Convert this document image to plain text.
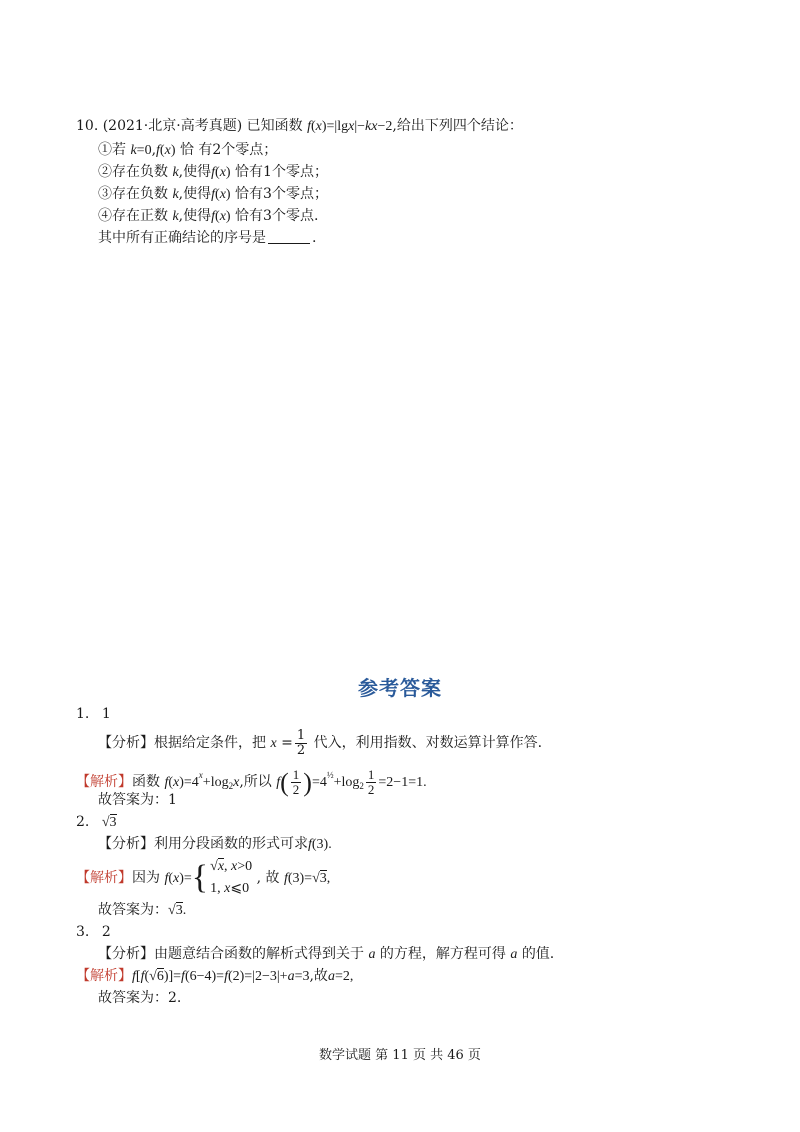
10. (2021·北京·高考真题) 已知函数 f(x)=|lgx|−kx−2,给出下列四个结论：
①若 k=0,f(x) 恰 有2个零点；
②存在负数 k,使得f(x) 恰有1个零点；
③存在负数 k,使得f(x) 恰有3个零点；
④存在正数 k,使得f(x) 恰有3个零点.
其中所有正确结论的序号是	.
参考答案
1. 1
【分析】根据给定条件，把 $x = \frac{1}{2}$ 代入，利用指数、对数运算计算作答.
【解析】函数 $f(x)=4^x+\log_2x$,所以 $f( \frac{1}{2} )=4^{\frac{1}{2}}+\log_2 \frac{1}{2} =2-1=1$.
故答案为：1
2. √3
【分析】利用分段函数的形式可求f(3).
【解析】因为 f(x)={ √x, x>0
1, x⩽0
, 故 f(3)=√3,
故答案为：√3.
3. 2
【分析】由题意结合函数的解析式得到关于 a 的方程，解方程可得 a 的值.
【解析】f[f(√6)]=f(6−4)=f(2)=|2−3|+a=3,故a=2,
故答案为：2.
数学试题 第 11 页 共 46 页
